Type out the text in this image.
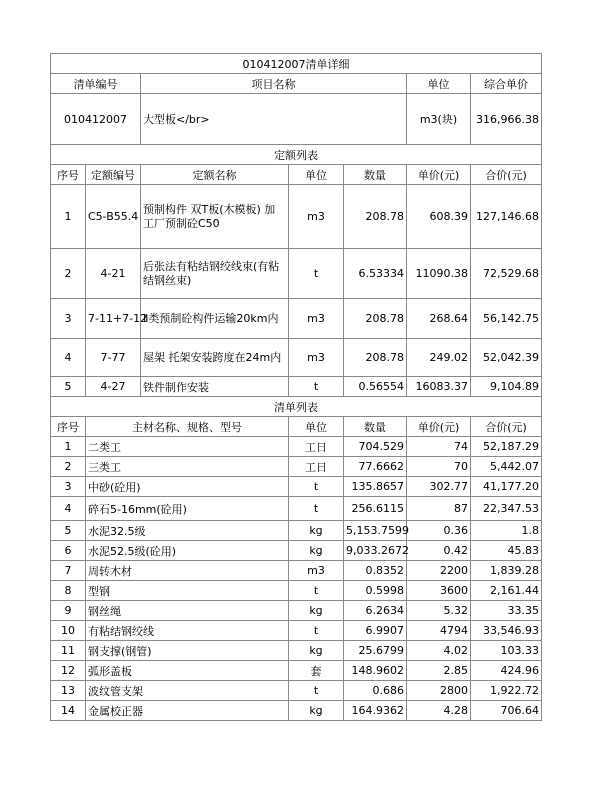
010412007清单详细						
清单编号		项目名称			单位	综合单价
010412007		大型板</br>			m3(块)	316,966.38
定额列表						
序号	定额编号	定额名称	单位	数量	单价(元)	合价(元)
1	C5-B55.4	预制构件 双T板(木模板) 加工厂预制砼C50	m3	208.78	608.39	127,146.68
2	4-21	后张法有粘结钢绞线束(有粘结钢丝束)	t	6.53334	11090.38	72,529.68
3	7-11+7-12	Ⅱ类预制砼构件运输20km内	m3	208.78	268.64	56,142.75
4	7-77	屋架 托架安装跨度在24m内	m3	208.78	249.02	52,042.39
5	4-27	铁件制作安装	t	0.56554	16083.37	9,104.89
清单列表						
序号	主材名称、规格、型号		单位	数量	单价(元)	合价(元)
1	二类工		工日	704.529	74	52,187.29
2	三类工		工日	77.6662	70	5,442.07
3	中砂(砼用)		t	135.8657	302.77	41,177.20
4	碎石5-16mm(砼用)		t	256.6115	87	22,347.53
5	水泥32.5级		kg	5,153.7599	0.36	1.8
6	水泥52.5级(砼用)		kg	9,033.2672	0.42	45.83
7	周转木材		m3	0.8352	2200	1,839.28
8	型钢		t	0.5998	3600	2,161.44
9	钢丝绳		kg	6.2634	5.32	33.35
10	有粘结钢绞线		t	6.9907	4794	33,546.93
11	钢支撑(钢管)		kg	25.6799	4.02	103.33
12	弧形盖板		套	148.9602	2.85	424.96
13	波纹管支架		t	0.686	2800	1,922.72
14	金属校正器		kg	164.9362	4.28	706.64
